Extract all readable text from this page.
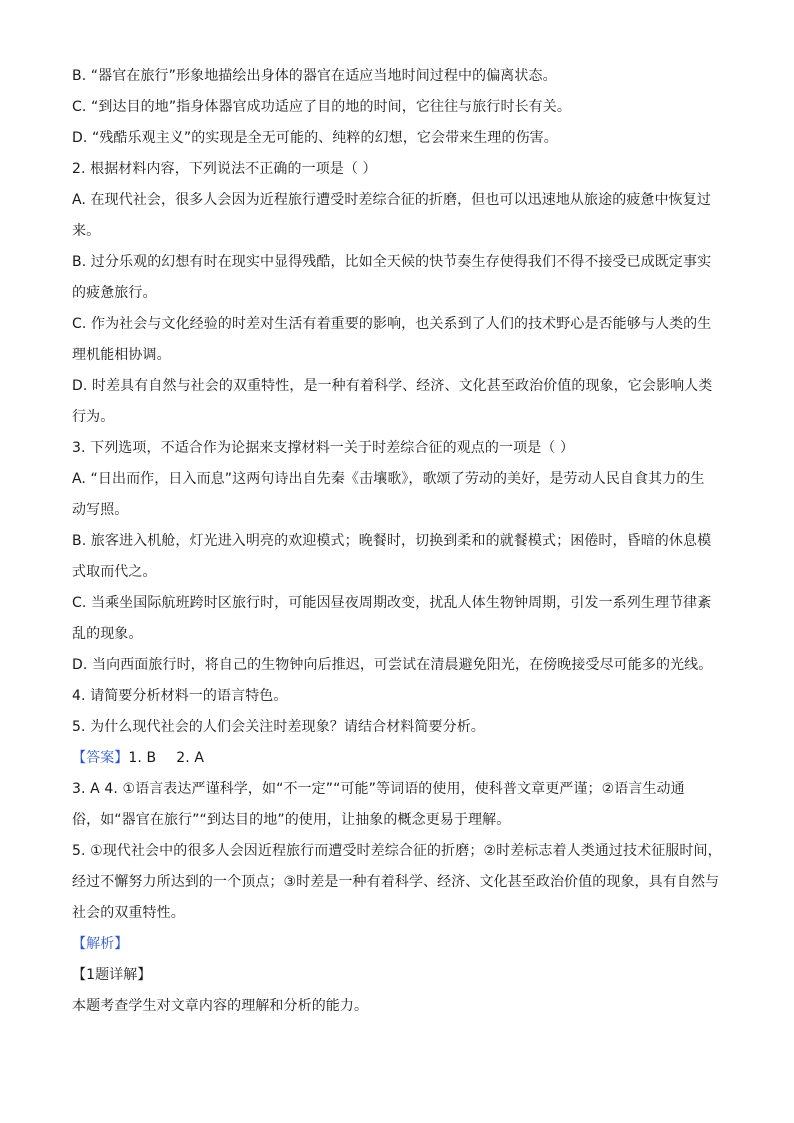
B. “器官在旅行”形象地描绘出身体的器官在适应当地时间过程中的偏离状态。
C. “到达目的地”指身体器官成功适应了目的地的时间，它往往与旅行时长有关。
D. “残酷乐观主义”的实现是全无可能的、纯粹的幻想，它会带来生理的伤害。
2. 根据材料内容，下列说法不正确的一项是（ ）
A. 在现代社会，很多人会因为近程旅行遭受时差综合征的折磨，但也可以迅速地从旅途的疲惫中恢复过
来。
B. 过分乐观的幻想有时在现实中显得残酷，比如全天候的快节奏生存使得我们不得不接受已成既定事实
的疲惫旅行。
C. 作为社会与文化经验的时差对生活有着重要的影响，也关系到了人们的技术野心是否能够与人类的生
理机能相协调。
D. 时差具有自然与社会的双重特性，是一种有着科学、经济、文化甚至政治价值的现象，它会影响人类
行为。
3. 下列选项，不适合作为论据来支撑材料一关于时差综合征的观点的一项是（ ）
A. “日出而作，日入而息”这两句诗出自先秦《击壤歌》，歌颂了劳动的美好，是劳动人民自食其力的生
动写照。
B. 旅客进入机舱，灯光进入明亮的欢迎模式；晚餐时，切换到柔和的就餐模式；困倦时，昏暗的休息模
式取而代之。
C. 当乘坐国际航班跨时区旅行时，可能因昼夜周期改变，扰乱人体生物钟周期，引发一系列生理节律紊
乱的现象。
D. 当向西面旅行时，将自己的生物钟向后推迟，可尝试在清晨避免阳光，在傍晚接受尽可能多的光线。
4. 请简要分析材料一的语言特色。
5. 为什么现代社会的人们会关注时差现象？请结合材料简要分析。
【答案】1. B 2. A
3. A 4. ①语言表达严谨科学，如“不一定”“可能”等词语的使用，使科普文章更严谨；②语言生动通
俗，如“器官在旅行”“到达目的地”的使用，让抽象的概念更易于理解。
5. ①现代社会中的很多人会因近程旅行而遭受时差综合征的折磨；②时差标志着人类通过技术征服时间，
经过不懈努力所达到的一个顶点；③时差是一种有着科学、经济、文化甚至政治价值的现象，具有自然与
社会的双重特性。
【解析】
【1题详解】
本题考查学生对文章内容的理解和分析的能力。
